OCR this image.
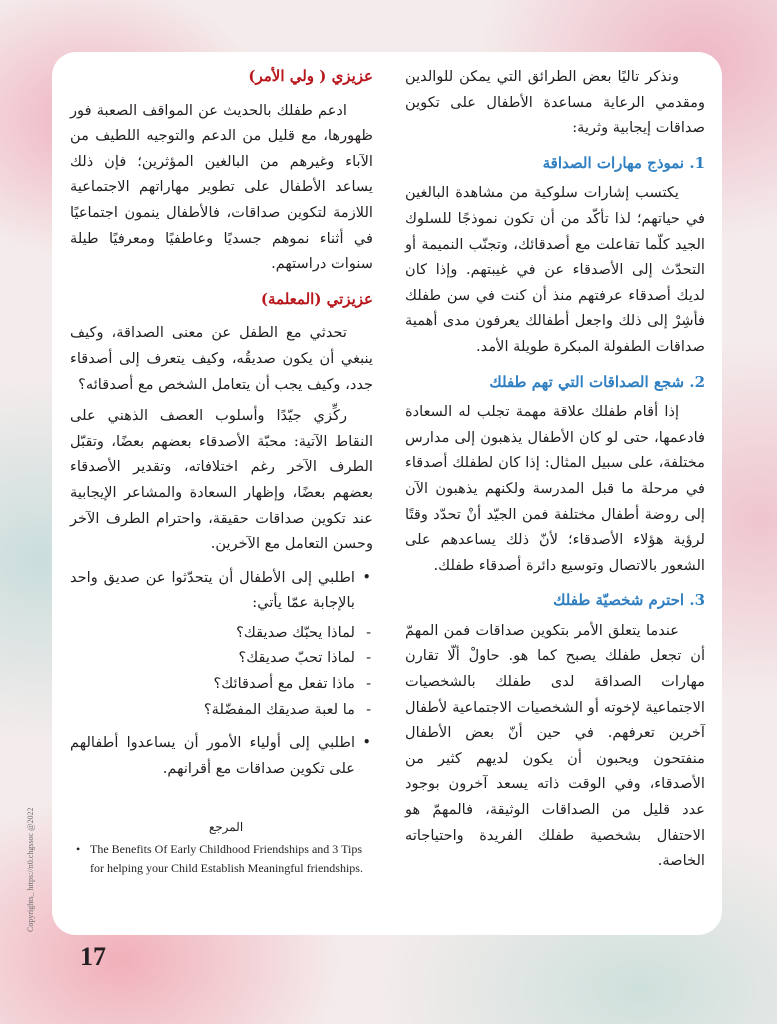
ونذكر تاليًا بعض الطرائق التي يمكن للوالدين ومقدمي الرعاية مساعدة الأطفال على تكوين صداقات إيجابية وثرية:

1. نموذج مهارات الصداقة

يكتسب إشارات سلوكية من مشاهدة البالغين في حياتهم؛ لذا تأكّد من أن تكون نموذجًا للسلوك الجيد كلّما تفاعلت مع أصدقائك، وتجنّب النميمة أو التحدّث إلى الأصدقاء عن في غيبتهم. وإذا كان لديك أصدقاء عرفتهم منذ أن كنت في سن طفلك فأشِرْ إلى ذلك واجعل أطفالك يعرفون مدى أهمية صداقات الطفولة المبكرة طويلة الأمد.

2. شجع الصداقات التي تهم طفلك

إذا أقام طفلك علاقة مهمة تجلب له السعادة فادعمها، حتى لو كان الأطفال يذهبون إلى مدارس مختلفة، على سبيل المثال: إذا كان لطفلك أصدقاء في مرحلة ما قبل المدرسة ولكنهم يذهبون الآن إلى روضة أطفال مختلفة فمن الجيّد أنْ تحدّد وقتًا لرؤية هؤلاء الأصدقاء؛ لأنّ ذلك يساعدهم على الشعور بالاتصال وتوسيع دائرة أصدقاء طفلك.

3. احترم شخصيّة طفلك

عندما يتعلق الأمر بتكوين صداقات فمن المهمّ أن تجعل طفلك يصبح كما هو. حاولْ ألّا تقارن مهارات الصداقة لدى طفلك بالشخصيات الاجتماعية لإخوته أو الشخصيات الاجتماعية لأطفال آخرين تعرفهم. في حين أنّ بعض الأطفال منفتحون ويحبون أن يكون لديهم كثير من الأصدقاء، وفي الوقت ذاته يسعد آخرون بوجود عدد قليل من الصداقات الوثيقة، فالمهمّ هو الاحتفال بشخصية طفلك الفريدة واحتياجاته الخاصة.

عزيزي ( ولي الأمر)

ادعم طفلك بالحديث عن المواقف الصعبة فور ظهورها، مع قليل من الدعم والتوجيه اللطيف من الآباء وغيرهم من البالغين المؤثرين؛ فإن ذلك يساعد الأطفال على تطوير مهاراتهم الاجتماعية اللازمة لتكوين صداقات، فالأطفال ينمون اجتماعيًا في أثناء نموهم جسديًا وعاطفيًا ومعرفيًا طيلة سنوات دراستهم.

عزيزتي (المعلمة)

تحدثي مع الطفل عن معنى الصداقة، وكيف ينبغي أن يكون صديقُه، وكيف يتعرف إلى أصدقاء جدد، وكيف يجب أن يتعامل الشخص مع أصدقائه؟

ركِّزي جيّدًا وأسلوب العصف الذهني على النقاط الآتية: محبّة الأصدقاء بعضهم بعضًا، وتقبّل الطرف الآخر رغم اختلافاته، وتقدير الأصدقاء بعضهم بعضًا، وإظهار السعادة والمشاعر الإيجابية عند تكوين صداقات حقيقة، واحترام الطرف الآخر وحسن التعامل مع الآخرين.

• اطلبي إلى الأطفال أن يتحدّثوا عن صديق واحد بالإجابة عمّا يأتي:
- لماذا يحبّك صديقك؟
- لماذا تحبّ صديقك؟
- ماذا تفعل مع أصدقائك؟
- ما لعبة صديقك المفضّلة؟
• اطلبي إلى أولياء الأمور أن يساعدوا أطفالهم على تكوين صداقات مع أقرانهم.
المرجع

• The Benefits Of Early Childhood Friendships and 3 Tips for helping your Child Establish Meaningful friendships.

Copyrights_ https://n0.chgssoc @2022
17
